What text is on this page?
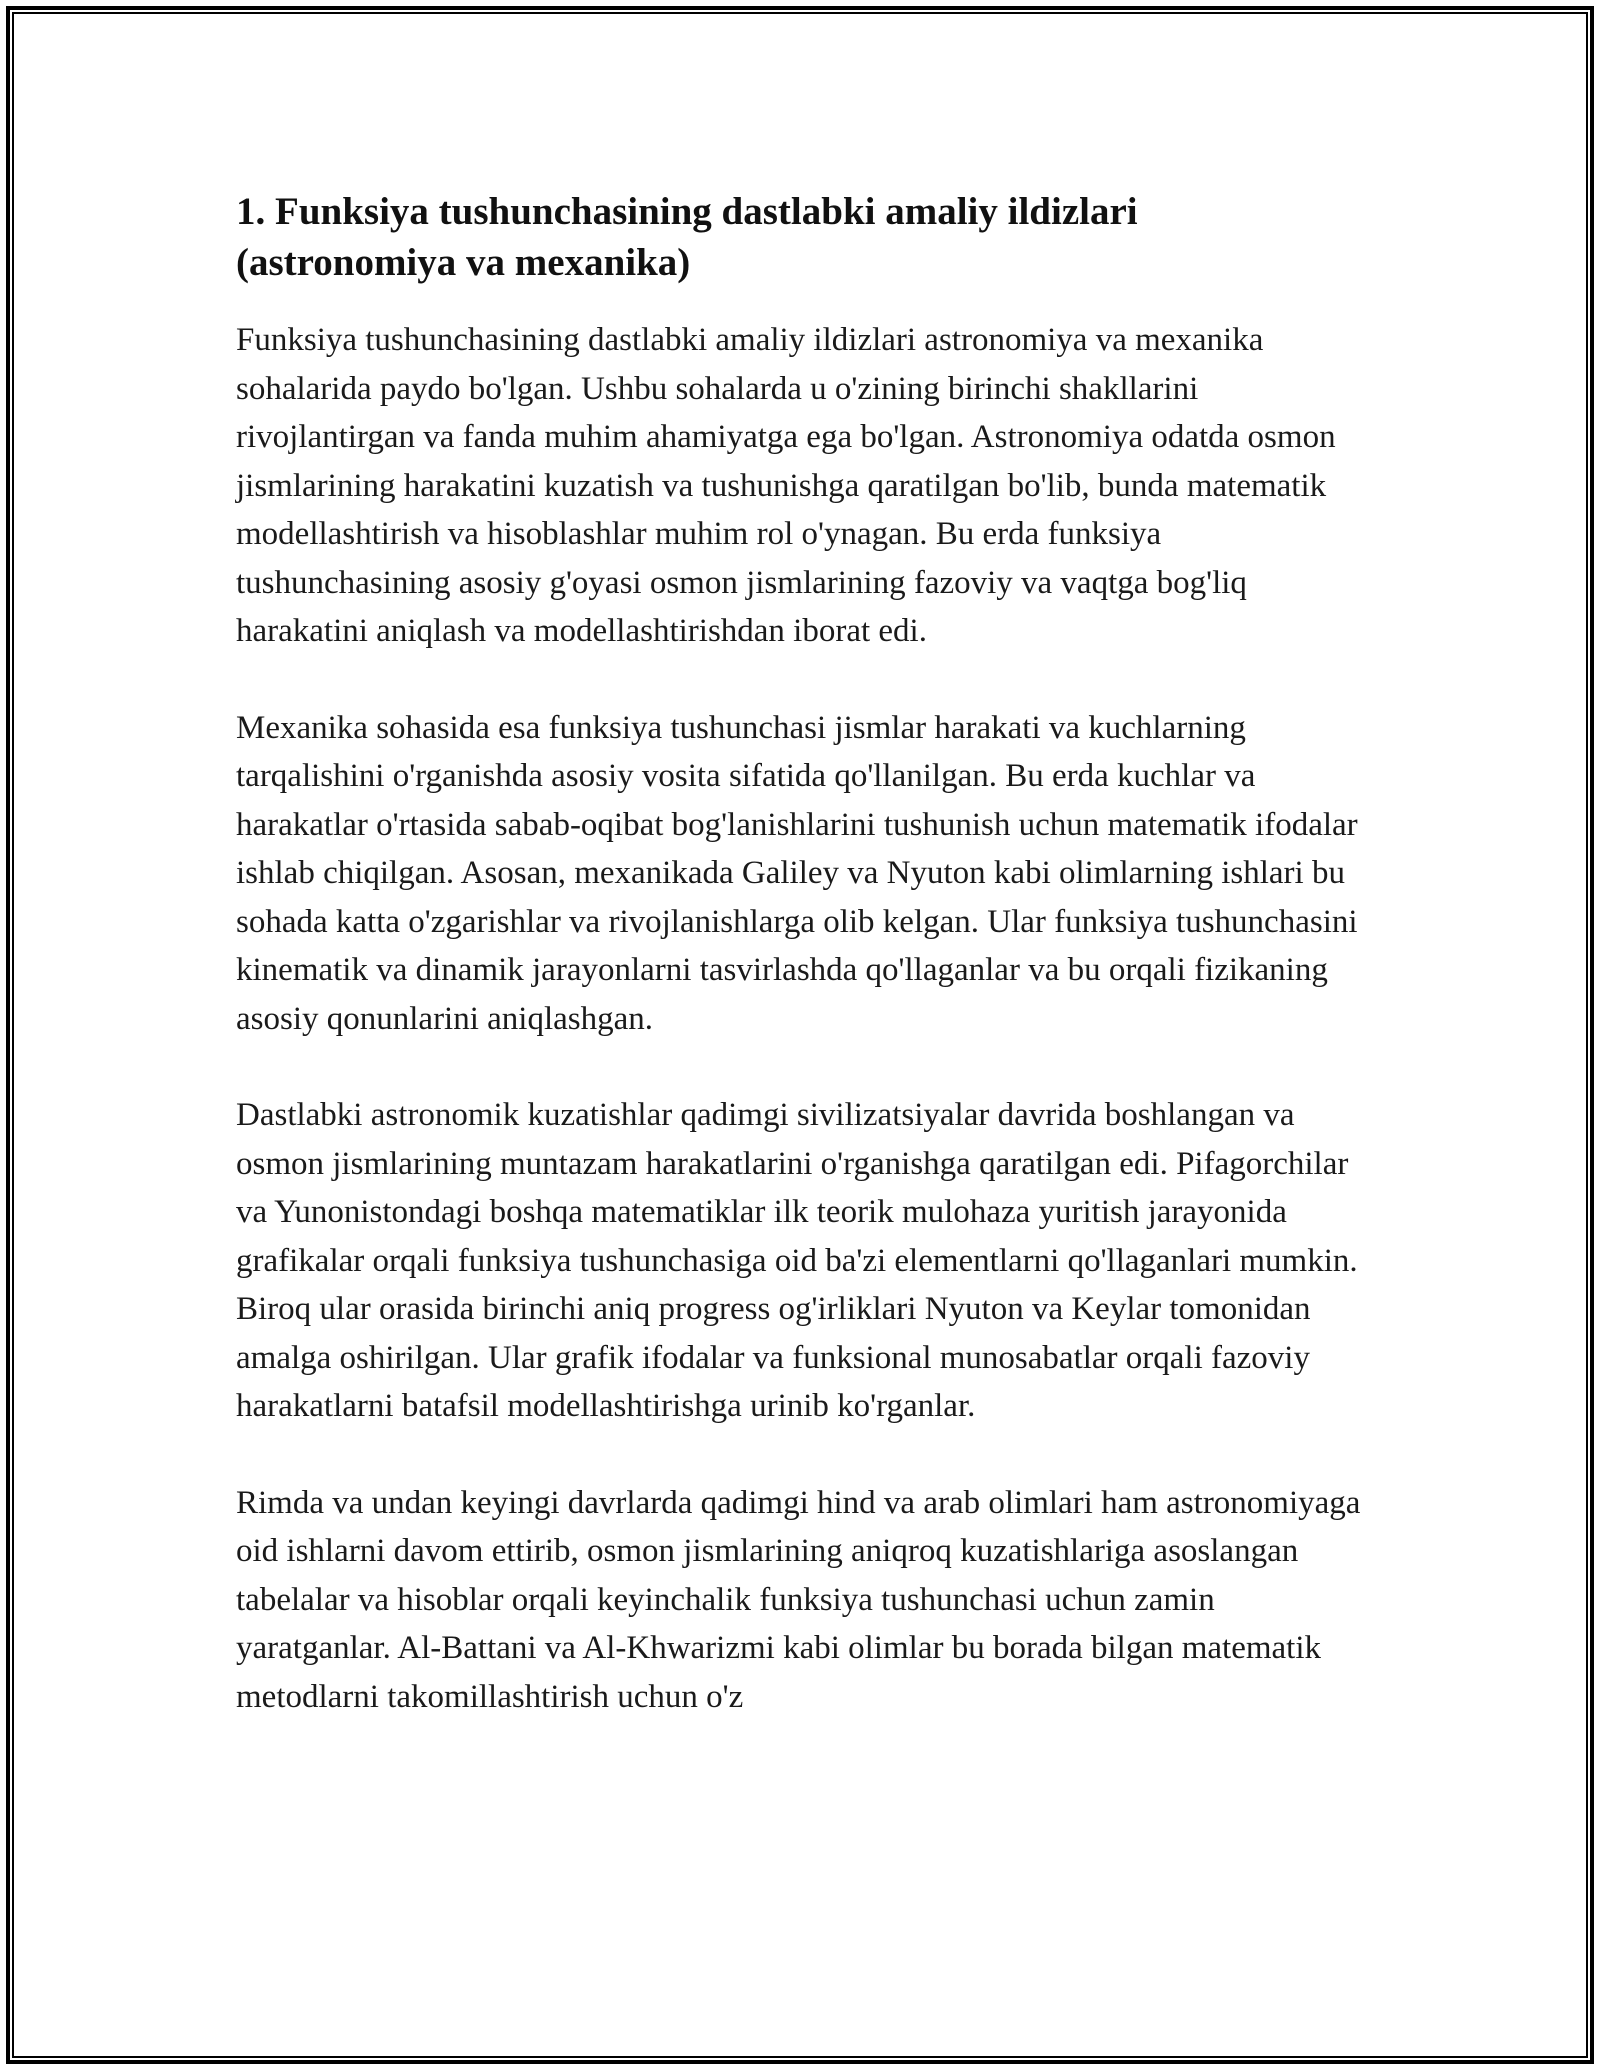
1. Funksiya tushunchasining dastlabki amaliy ildizlari (astronomiya va mexanika)

Funksiya tushunchasining dastlabki amaliy ildizlari astronomiya va mexanika sohalarida paydo bo'lgan. Ushbu sohalarda u o'zining birinchi shakllarini rivojlantirgan va fanda muhim ahamiyatga ega bo'lgan. Astronomiya odatda osmon jismlarining harakatini kuzatish va tushunishga qaratilgan bo'lib, bunda matematik modellashtirish va hisoblashlar muhim rol o'ynagan. Bu erda funksiya tushunchasining asosiy g'oyasi osmon jismlarining fazoviy va vaqtga bog'liq harakatini aniqlash va modellashtirishdan iborat edi.

Mexanika sohasida esa funksiya tushunchasi jismlar harakati va kuchlarning tarqalishini o'rganishda asosiy vosita sifatida qo'llanilgan. Bu erda kuchlar va harakatlar o'rtasida sabab-oqibat bog'lanishlarini tushunish uchun matematik ifodalar ishlab chiqilgan. Asosan, mexanikada Galiley va Nyuton kabi olimlarning ishlari bu sohada katta o'zgarishlar va rivojlanishlarga olib kelgan. Ular funksiya tushunchasini kinematik va dinamik jarayonlarni tasvirlashda qo'llaganlar va bu orqali fizikaning asosiy qonunlarini aniqlashgan.

Dastlabki astronomik kuzatishlar qadimgi sivilizatsiyalar davrida boshlangan va osmon jismlarining muntazam harakatlarini o'rganishga qaratilgan edi. Pifagorchilar va Yunonistondagi boshqa matematiklar ilk teorik mulohaza yuritish jarayonida grafikalar orqali funksiya tushunchasiga oid ba'zi elementlarni qo'llaganlari mumkin. Biroq ular orasida birinchi aniq progress og'irliklari Nyuton va Keylar tomonidan amalga oshirilgan. Ular grafik ifodalar va funksional munosabatlar orqali fazoviy harakatlarni batafsil modellashtirishga urinib ko'rganlar.

Rimda va undan keyingi davrlarda qadimgi hind va arab olimlari ham astronomiyaga oid ishlarni davom ettirib, osmon jismlarining aniqroq kuzatishlariga asoslangan tabelalar va hisoblar orqali keyinchalik funksiya tushunchasi uchun zamin yaratganlar. Al-Battani va Al-Khwarizmi kabi olimlar bu borada bilgan matematik metodlarni takomillashtirish uchun o'z
